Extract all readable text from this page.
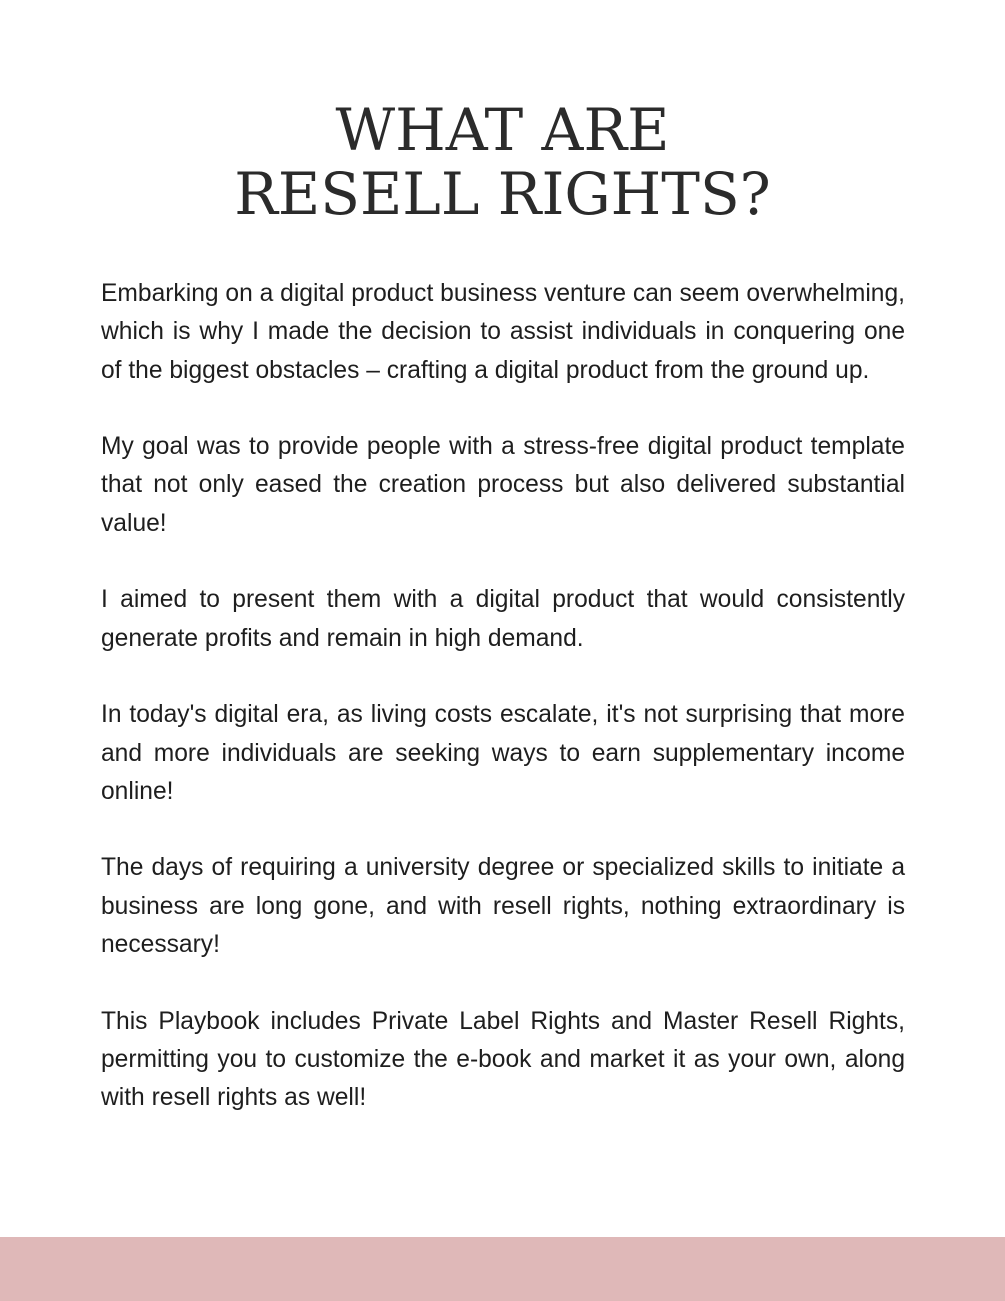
WHAT ARE
RESELL RIGHTS?

Embarking on a digital product business venture can seem overwhelming, which is why I made the decision to assist individuals in conquering one of the biggest obstacles – crafting a digital product from the ground up.

My goal was to provide people with a stress-free digital product template that not only eased the creation process but also delivered substantial value!

I aimed to present them with a digital product that would consistently generate profits and remain in high demand.

In today's digital era, as living costs escalate, it's not surprising that more and more individuals are seeking ways to earn supplementary income online!

The days of requiring a university degree or specialized skills to initiate a business are long gone, and with resell rights, nothing extraordinary is necessary!

This Playbook includes Private Label Rights and Master Resell Rights, permitting you to customize the e-book and market it as your own, along with resell rights as well!
